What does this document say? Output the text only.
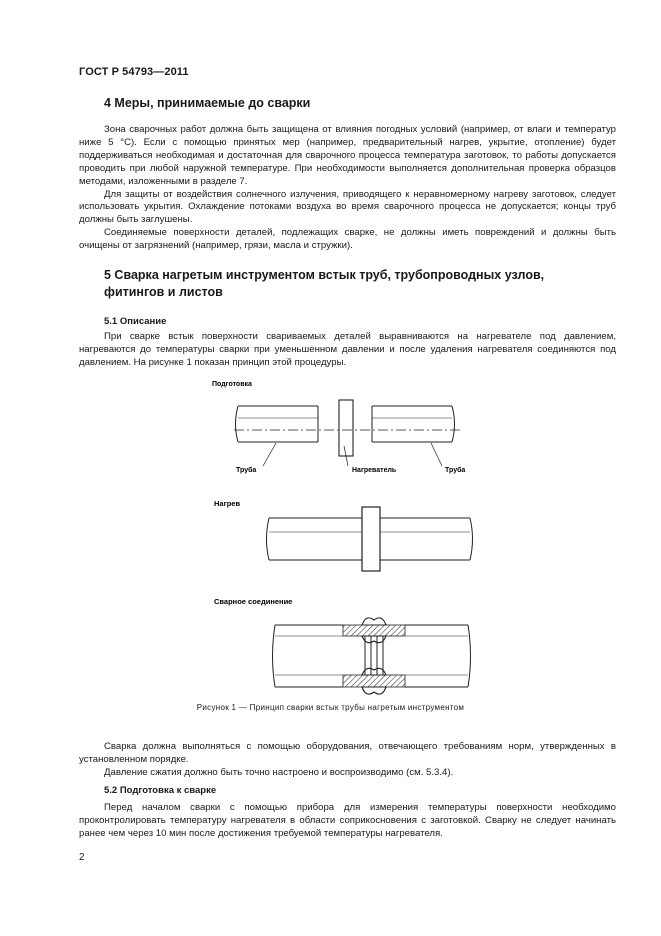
ГОСТ Р 54793—2011
4 Меры, принимаемые до сварки

Зона сварочных работ должна быть защищена от влияния погодных условий (например, от влаги и температур ниже 5 °С). Если с помощью принятых мер (например, предварительный нагрев, укрытие, отопление) будет поддерживаться необходимая и достаточная для сварочного процесса температура заготовок, то работы допускается проводить при любой наружной температуре. При необходимости выполняется дополнительная проверка образцов методами, изложенными в разделе 7.

Для защиты от воздействия солнечного излучения, приводящего к неравномерному нагреву заготовок, следует использовать укрытия. Охлаждение потоками воздуха во время сварочного процесса не допускается; концы труб должны быть заглушены.

Соединяемые поверхности деталей, подлежащих сварке, не должны иметь повреждений и должны быть очищены от загрязнений (например, грязи, масла и стружки).

5 Сварка нагретым инструментом встык труб, трубопроводных узлов,
фитингов и листов
5.1 Описание

При сварке встык поверхности свариваемых деталей выравниваются на нагревателе под давлением, нагреваются до температуры сварки при уменьшенном давлении и после удаления нагревателя соединяются под давлением. На рисунке 1 показан принцип этой процедуры.

Подготовка
Труба	Нагреватель	Труба
Нагрев
Сварное соединение
Рисунок 1 — Принцип сварки встык трубы нагретым инструментом

Сварка должна выполняться с помощью оборудования, отвечающего требованиям норм, утвержденных в установленном порядке.

Давление сжатия должно быть точно настроено и воспроизводимо (см. 5.3.4).

5.2 Подготовка к сварке

Перед началом сварки с помощью прибора для измерения температуры поверхности необходимо проконтролировать температуру нагревателя в области соприкосновения с заготовкой. Сварку не следует начинать ранее чем через 10 мин после достижения требуемой температуры нагревателя.

2
